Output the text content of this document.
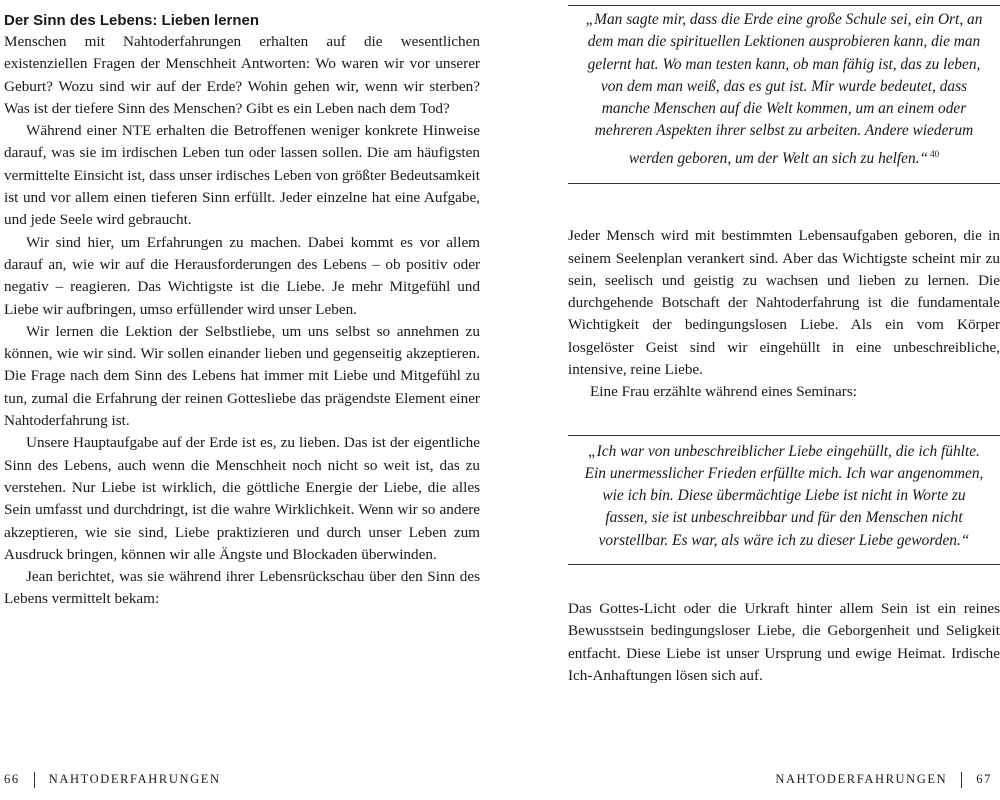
Der Sinn des Lebens: Lieben lernen

Menschen mit Nahtoderfahrungen erhalten auf die wesentlichen existenziellen Fragen der Menschheit Antworten: Wo waren wir vor unserer Geburt? Wozu sind wir auf der Erde? Wohin gehen wir, wenn wir sterben? Was ist der tiefere Sinn des Menschen? Gibt es ein Leben nach dem Tod?

Während einer NTE erhalten die Betroffenen weniger konkrete Hinweise darauf, was sie im irdischen Leben tun oder lassen sollen. Die am häufigsten vermittelte Einsicht ist, dass unser irdisches Leben von größter Bedeutsamkeit ist und vor allem einen tieferen Sinn erfüllt. Jeder einzelne hat eine Aufgabe, und jede Seele wird gebraucht.

Wir sind hier, um Erfahrungen zu machen. Dabei kommt es vor allem darauf an, wie wir auf die Herausforderungen des Lebens – ob positiv oder negativ – reagieren. Das Wichtigste ist die Liebe. Je mehr Mitgefühl und Liebe wir aufbringen, umso erfüllender wird unser Leben.

Wir lernen die Lektion der Selbstliebe, um uns selbst so annehmen zu können, wie wir sind. Wir sollen einander lieben und gegenseitig akzeptieren. Die Frage nach dem Sinn des Lebens hat immer mit Liebe und Mitgefühl zu tun, zumal die Erfahrung der reinen Gottesliebe das prägendste Element einer Nahtoderfahrung ist.

Unsere Hauptaufgabe auf der Erde ist es, zu lieben. Das ist der eigentliche Sinn des Lebens, auch wenn die Menschheit noch nicht so weit ist, das zu verstehen. Nur Liebe ist wirklich, die göttliche Energie der Liebe, die alles Sein umfasst und durchdringt, ist die wahre Wirklichkeit. Wenn wir so andere akzeptieren, wie sie sind, Liebe praktizieren und durch unser Leben zum Ausdruck bringen, können wir alle Ängste und Blockaden überwinden.

Jean berichtet, was sie während ihrer Lebensrückschau über den Sinn des Lebens vermittelt bekam:

„Man sagte mir, dass die Erde eine große Schule sei, ein Ort, an dem man die spirituellen Lektionen ausprobieren kann, die man gelernt hat. Wo man testen kann, ob man fähig ist, das zu leben, von dem man weiß, das es gut ist. Mir wurde bedeutet, dass manche Menschen auf die Welt kommen, um an einem oder mehreren Aspekten ihrer selbst zu arbeiten. Andere wiederum werden geboren, um der Welt an sich zu helfen.“ $^{40}$

Jeder Mensch wird mit bestimmten Lebensaufgaben geboren, die in seinem Seelenplan verankert sind. Aber das Wichtigste scheint mir zu sein, seelisch und geistig zu wachsen und lieben zu lernen. Die durchgehende Botschaft der Nahtoderfahrung ist die fundamentale Wichtigkeit der bedingungslosen Liebe. Als ein vom Körper losgelöster Geist sind wir eingehüllt in eine unbeschreibliche, intensive, reine Liebe.

Eine Frau erzählte während eines Seminars:

„Ich war von unbeschreiblicher Liebe eingehüllt, die ich fühlte. Ein unermesslicher Frieden erfüllte mich. Ich war angenommen, wie ich bin. Diese übermächtige Liebe ist nicht in Worte zu fassen, sie ist unbeschreibbar und für den Menschen nicht vorstellbar. Es war, als wäre ich zu dieser Liebe geworden.“

Das Gottes-Licht oder die Urkraft hinter allem Sein ist ein reines Bewusstsein bedingungsloser Liebe, die Geborgenheit und Seligkeit entfacht. Diese Liebe ist unser Ursprung und ewige Heimat. Irdische Ich-Anhaftungen lösen sich auf.

66 NAHTODERFAHRUNGEN	NAHTODERFAHRUNGEN 67
